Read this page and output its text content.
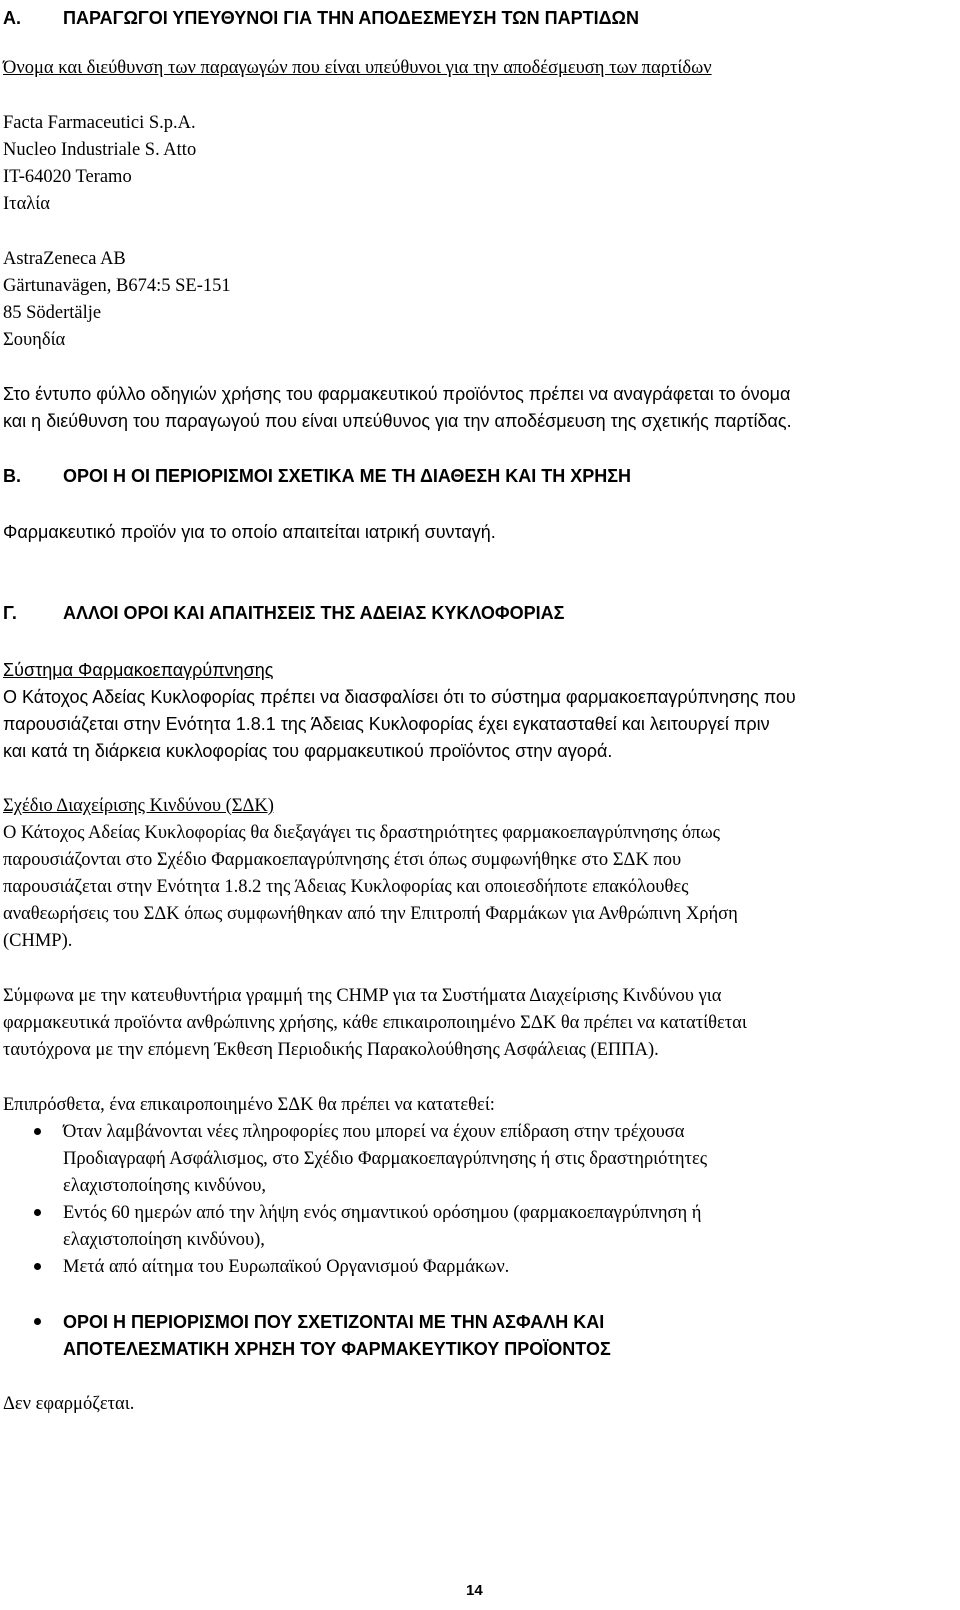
Α. ΠΑΡΑΓΩΓΟΙ ΥΠΕΥΘΥΝΟΙ ΓΙΑ ΤΗΝ ΑΠΟΔΕΣΜΕΥΣΗ ΤΩΝ ΠΑΡΤΙΔΩΝ
Όνομα και διεύθυνση των παραγωγών που είναι υπεύθυνοι για την αποδέσμευση των παρτίδων
Facta Farmaceutici S.p.A.
Nucleo Industriale S. Atto
IT-64020 Teramo
Ιταλία
AstraZeneca AB
Gärtunavägen, B674:5 SE-151
85 Södertälje
Σουηδία
Στο έντυπο φύλλο οδηγιών χρήσης του φαρμακευτικού προϊόντος πρέπει να αναγράφεται το όνομα
και η διεύθυνση του παραγωγού που είναι υπεύθυνος για την αποδέσμευση της σχετικής παρτίδας.
Β. ΟΡΟΙ Η ΟΙ ΠΕΡΙΟΡΙΣΜΟΙ ΣΧΕΤΙΚΑ ΜΕ ΤΗ ΔΙΑΘΕΣΗ ΚΑΙ ΤΗ ΧΡΗΣΗ
Φαρμακευτικό προϊόν για το οποίο απαιτείται ιατρική συνταγή.
Γ.	ΑΛΛΟΙ ΟΡΟΙ ΚΑΙ ΑΠΑΙΤΗΣΕΙΣ ΤΗΣ ΑΔΕΙΑΣ ΚΥΚΛΟΦΟΡΙΑΣ
Σύστημα Φαρμακοεπαγρύπνησης
Ο Κάτοχος Αδείας Κυκλοφορίας πρέπει να διασφαλίσει ότι το σύστημα φαρμακοεπαγρύπνησης που
παρουσιάζεται στην Ενότητα 1.8.1 της Άδειας Κυκλοφορίας έχει εγκατασταθεί και λειτουργεί πριν
και κατά τη διάρκεια κυκλοφορίας του φαρμακευτικού προϊόντος στην αγορά.
Σχέδιο Διαχείρισης Κινδύνου (ΣΔΚ)
Ο Κάτοχος Αδείας Κυκλοφορίας θα διεξαγάγει τις δραστηριότητες φαρμακοεπαγρύπνησης όπως
παρουσιάζονται στο Σχέδιο Φαρμακοεπαγρύπνησης έτσι όπως συμφωνήθηκε στο ΣΔΚ που
παρουσιάζεται στην Ενότητα 1.8.2 της Άδειας Κυκλοφορίας και οποιεσδήποτε επακόλουθες
αναθεωρήσεις του ΣΔΚ όπως συμφωνήθηκαν από την Επιτροπή Φαρμάκων για Ανθρώπινη Χρήση
(CHMP).
Σύμφωνα με την κατευθυντήρια γραμμή της CHMP για τα Συστήματα Διαχείρισης Κινδύνου για
φαρμακευτικά προϊόντα ανθρώπινης χρήσης, κάθε επικαιροποιημένο ΣΔΚ θα πρέπει να κατατίθεται
ταυτόχρονα με την επόμενη Έκθεση Περιοδικής Παρακολούθησης Ασφάλειας (ΕΠΠΑ).
Επιπρόσθετα, ένα επικαιροποιημένο ΣΔΚ θα πρέπει να κατατεθεί:
Όταν λαμβάνονται νέες πληροφορίες που μπορεί να έχουν επίδραση στην τρέχουσα
Προδιαγραφή Ασφάλισμος, στο Σχέδιο Φαρμακοεπαγρύπνησης ή στις δραστηριότητες
ελαχιστοποίησης κινδύνου,
Εντός 60 ημερών από την λήψη ενός σημαντικού ορόσημου (φαρμακοεπαγρύπνηση ή
ελαχιστοποίηση κινδύνου),
Μετά από αίτημα του Ευρωπαϊκού Οργανισμού Φαρμάκων.
ΟΡΟΙ Η ΠΕΡΙΟΡΙΣΜΟΙ ΠΟΥ ΣΧΕΤΙΖΟΝΤΑΙ ΜΕ ΤΗΝ ΑΣΦΑΛΗ ΚΑΙ
ΑΠΟΤΕΛΕΣΜΑΤΙΚΗ ΧΡΗΣΗ ΤΟΥ ΦΑΡΜΑΚΕΥΤΙΚΟΥ ΠΡΟΪΟΝΤΟΣ
Δεν εφαρμόζεται.
14
